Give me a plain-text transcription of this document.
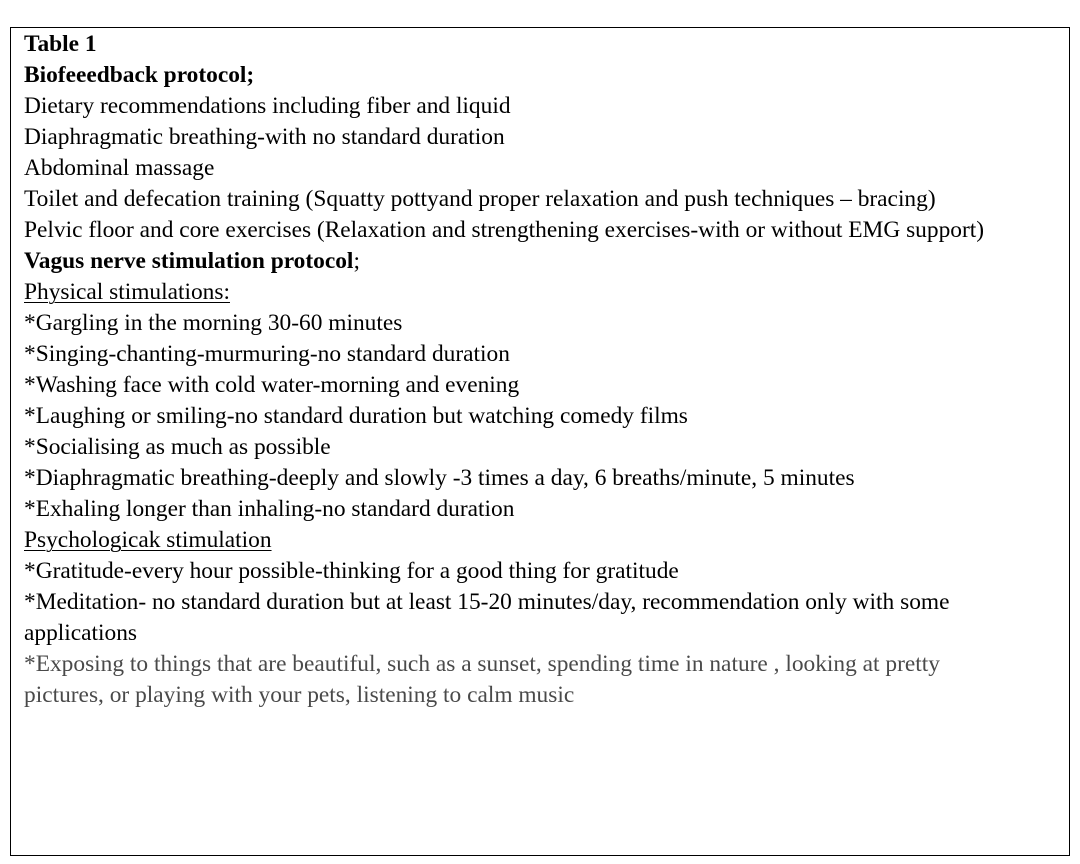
Table 1

Biofeeedback protocol;

Dietary recommendations including fiber and liquid

Diaphragmatic breathing-with no standard duration

Abdominal massage

Toilet and defecation training (Squatty pottyand proper relaxation and push techniques – bracing)

Pelvic floor and core exercises (Relaxation and strengthening exercises-with or without EMG support)

Vagus nerve stimulation protocol;

Physical stimulations:

*Gargling in the morning 30-60 minutes

*Singing-chanting-murmuring-no standard duration

*Washing face with cold water-morning and evening

*Laughing or smiling-no standard duration but watching comedy films

*Socialising as much as possible

*Diaphragmatic breathing-deeply and slowly -3 times a day, 6 breaths/minute, 5 minutes

*Exhaling longer than inhaling-no standard duration

Psychologicak stimulation

*Gratitude-every hour possible-thinking for a good thing for gratitude

*Meditation- no standard duration but at least 15-20 minutes/day, recommendation only with some applications

*Exposing to things that are beautiful, such as a sunset, spending time in nature , looking at pretty pictures, or playing with your pets, listening to calm music
